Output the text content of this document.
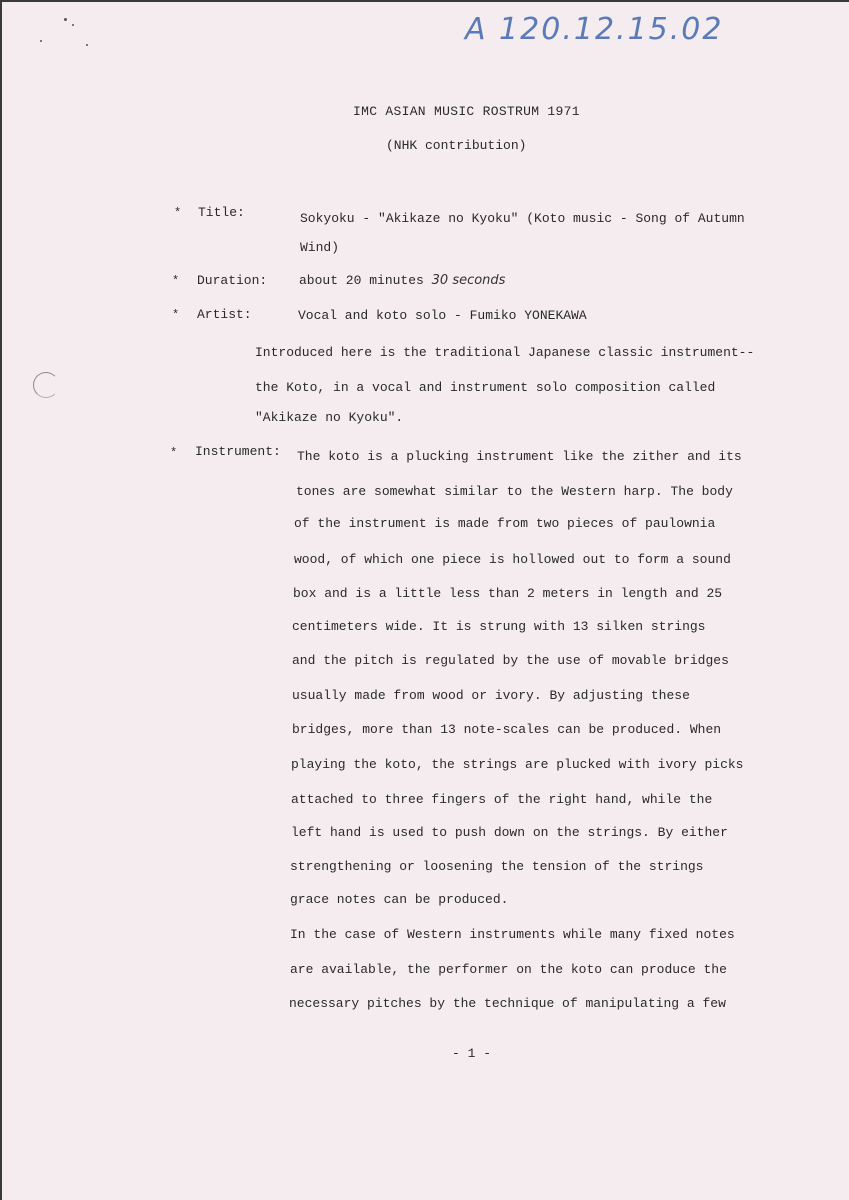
A 120.12.15.02
IMC ASIAN MUSIC ROSTRUM 1971
(NHK contribution)
* Title:	Sokyoku - "Akikaze no Kyoku" (Koto music - Song of Autumn
Wind)
* Duration: about 20 minutes 30 seconds
* Artist:	Vocal and koto solo - Fumiko YONEKAWA
Introduced here is the traditional Japanese classic instrument--
the Koto, in a vocal and instrument solo composition called
"Akikaze no Kyoku".
* Instrument: The koto is a plucking instrument like the zither and its
tones are somewhat similar to the Western harp. The body
of the instrument is made from two pieces of paulownia
wood, of which one piece is hollowed out to form a sound
box and is a little less than 2 meters in length and 25
centimeters wide. It is strung with 13 silken strings
and the pitch is regulated by the use of movable bridges
usually made from wood or ivory. By adjusting these
bridges, more than 13 note-scales can be produced. When
playing the koto, the strings are plucked with ivory picks
attached to three fingers of the right hand, while the
left hand is used to push down on the strings. By either
strengthening or loosening the tension of the strings
grace notes can be produced.
In the case of Western instruments while many fixed notes
are available, the performer on the koto can produce the
necessary pitches by the technique of manipulating a few
- 1 -
